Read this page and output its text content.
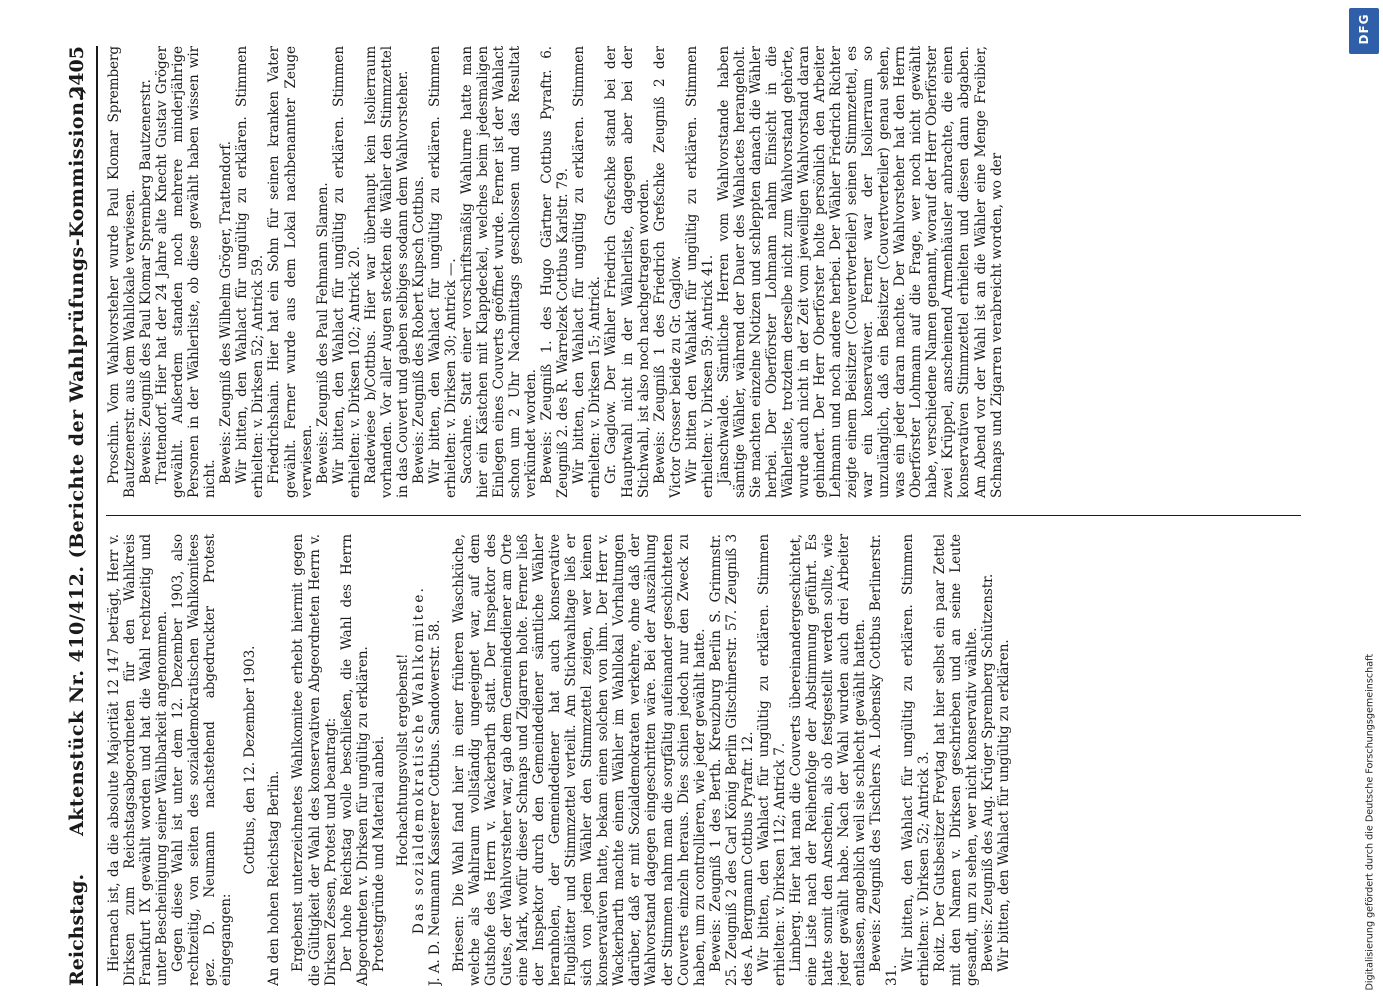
Reichstag.
Aktenstück Nr. 410/412. (Berichte der Wahlprüfungs-Kommission.)
2405

Hiernach ist, da die absolute Majorität 12 147 beträgt, Herr v. Dirksen zum Reichstagsabgeordneten für den Wahlkreis Frankfurt IX gewählt worden und hat die Wahl rechtzeitig und unter Bescheinigung seiner Wählbarkeit angenommen. Gegen diese Wahl ist unter dem 12. Dezember 1903, also rechtzeitig, von seiten des sozialdemokratischen Wahlkomitees gez. D. Neumann nachstehend abgedruckter Protest eingegangen:

Cottbus, den 12. Dezember 1903.

An den hohen Reichstag Berlin. Ergebenst unterzeichnetes Wahlkomitee erhebt hiermit gegen die Gültigkeit der Wahl des konservativen Abgeordneten Herrn v. Dirksen Zessen, Protest und beantragt: Der hohe Reichstag wolle beschließen, die Wahl des Herrn Abgeordneten v. Dirksen für ungültig zu erklären. Protestgründe und Material anbei. Hochachtungsvollst ergebenst! Das sozialdemokratische Wahlkomitee. J. A. D. Neumann Kassierer Cottbus. Sandowerstr. 58. Briesen: Die Wahl fand hier in einer früheren Waschküche, welche als Wahlraum vollständig ungeeignet war, auf dem Gutshofe des Herrn v. Wackerbarth statt. Der Inspektor des Gutes, der Wahlvorsteher war, gab dem Gemeindediener am Orte eine Mark, wofür dieser Schnaps und Zigarren holte. Ferner ließ der Inspektor durch den Gemeindediener sämtliche Wähler heranholen, der Gemeindediener hat auch konservative Flugblätter und Stimmzettel verteilt. Am Stichwahltage ließ er sich von jedem Wähler den Stimmzettel zeigen, wer keinen konservativen hatte, bekam einen solchen von ihm. Der Herr v. Wackerbarth machte einem Wähler im Wahllokal Vorhaltungen darüber, daß er mit Sozialdemokraten verkehre, ohne daß der Wahlvorstand dagegen eingeschritten wäre. Bei der Auszählung der Stimmen nahm man die sorgfältig aufeinander geschichteten Couverts einzeln heraus. Dies schien jedoch nur den Zweck zu haben, um zu controllieren, wie jeder gewählt hatte. Beweis: Zeugniß 1 des Berth. Kreuzburg Berlin S. Grimmstr. 25. Zeugniß 2 des Carl König Berlin Gitschinerstr. 57. Zeugniß 3 des A. Bergmann Cottbus Pyraftr. 12. Wir bitten, den Wahlact für ungültig zu erklären. Stimmen erhielten: v. Dirksen 112; Antrick 7. Limberg. Hier hat man die Couverts übereinandergeschichtet, eine Liste nach der Reihenfolge der Abstimmung geführt. Es hatte somit den Anschein, als ob festgestellt werden sollte, wie jeder gewählt habe. Nach der Wahl wurden auch drei Arbeiter entlassen, angeblich weil sie schlecht gewählt hatten. Beweis: Zeugniß des Tischlers A. Lobensky Cottbus Berlinerstr. 31.

Wir bitten, den Wahlact für ungültig zu erklären. Stimmen erhielten: v. Dirksen 52; Antrick 3. Roitz. Der Gutsbesitzer Freytag hat hier selbst ein paar Zettel mit den Namen v. Dirksen geschrieben und an seine Leute gesandt, um zu sehen, wer nicht konservativ wählte. Beweis: Zeugniß des Aug. Krüger Spremberg Schützenstr. Wir bitten, den Wahlact für ungültig zu erklären.

Proschin. Vom Wahlvorsteher wurde Paul Klomar Spremberg Bautzenerstr. aus dem Wahllokale verwiesen. Beweis: Zeugniß des Paul Klomar Spremberg Bautzenerstr. Trattendorf. Hier hat der 24 Jahre alte Knecht Gustav Gröger gewählt. Außerdem standen noch mehrere minderjährige Personen in der Wählerliste, ob diese gewählt haben wissen wir nicht. Beweis: Zeugniß des Wilhelm Gröger, Trattendorf. Wir bitten, den Wahlact für ungültig zu erklären. Stimmen erhielten: v. Dirksen 52; Antrick 59. Friedrichshain. Hier hat ein Sohn für seinen kranken Vater gewählt. Ferner wurde aus dem Lokal nachbenannter Zeuge verwiesen. Beweis: Zeugniß des Paul Fehmann Slamen. Wir bitten, den Wahlact für ungültig zu erklären. Stimmen erhielten: v. Dirksen 102; Antrick 20. Radewiese b/Cottbus. Hier war überhaupt kein Isolierraum vorhanden. Vor aller Augen steckten die Wähler den Stimmzettel in das Couvert und gaben selbiges sodann dem Wahlvorsteher. Beweis: Zeugniß des Robert Kupsch Cottbus. Wir bitten, den Wahlact für ungültig zu erklären. Stimmen erhielten: v. Dirksen 30; Antrick —. Saccahne. Statt einer vorschriftsmäßig Wahlurne hatte man hier ein Kästchen mit Klappdeckel, welches beim jedesmaligen Einlegen eines Couverts geöffnet wurde. Ferner ist der Wahlact schon um 2 Uhr Nachmittags geschlossen und das Resultat verkündet worden. Beweis: Zeugniß 1. des Hugo Gärtner Cottbus Pyraftr. 6. Zeugniß 2. des R. Warrelzek Cottbus Karlstr. 79. Wir bitten, den Wahlact für ungültig zu erklären. Stimmen erhielten: v. Dirksen 15; Antrick. Gr. Gaglow. Der Wähler Friedrich Grefschke stand bei der Hauptwahl nicht in der Wählerliste, dagegen aber bei der Stichwahl, ist also noch nachgetragen worden. Beweis: Zeugniß 1 des Friedrich Grefschke Zeugniß 2 der Victor Grosser beide zu Gr. Gaglow. Wir bitten den Wahlakt für ungültig zu erklären. Stimmen erhielten: v. Dirksen 59; Antrick 41. Jänschwalde. Sämtliche Herren vom Wahlvorstande haben sämtige Wähler, während der Dauer des Wahlactes herangeholt. Sie machten einzelne Notizen und schleppten danach die Wähler herbei. Der Oberförster Lohmann nahm Einsicht in die Wählerliste, trotzdem derselbe nicht zum Wahlvorstand gehörte, wurde auch nicht in der Zeit vom jeweiligen Wahlvorstand daran gehindert. Der Herr Oberförster holte persönlich den Arbeiter Lehmann und noch andere herbei. Der Wähler Friedrich Richter zeigte einem Beisitzer (Couvertverteiler) seinen Stimmzettel, es war ein konservativer. Ferner war der Isolierraum so unzulänglich, daß ein Beisitzer (Couvertverteiler) genau sehen, was ein jeder daran machte. Der Wahlvorsteher hat den Herrn Oberförster Lohmann auf die Frage, wer noch nicht gewählt habe, verschiedene Namen genannt, worauf der Herr Oberförster zwei Krüppel, anscheinend Armenhäusler anbrachte, die einen konservativen Stimmzettel erhielten und diesen dann abgaben. Am Abend vor der Wahl ist an die Wähler eine Menge Freibier, Schnaps und Zigarren verabreicht worden, wo der

DFG
Digitalisierung gefördert durch die Deutsche Forschungsgemeinschaft
